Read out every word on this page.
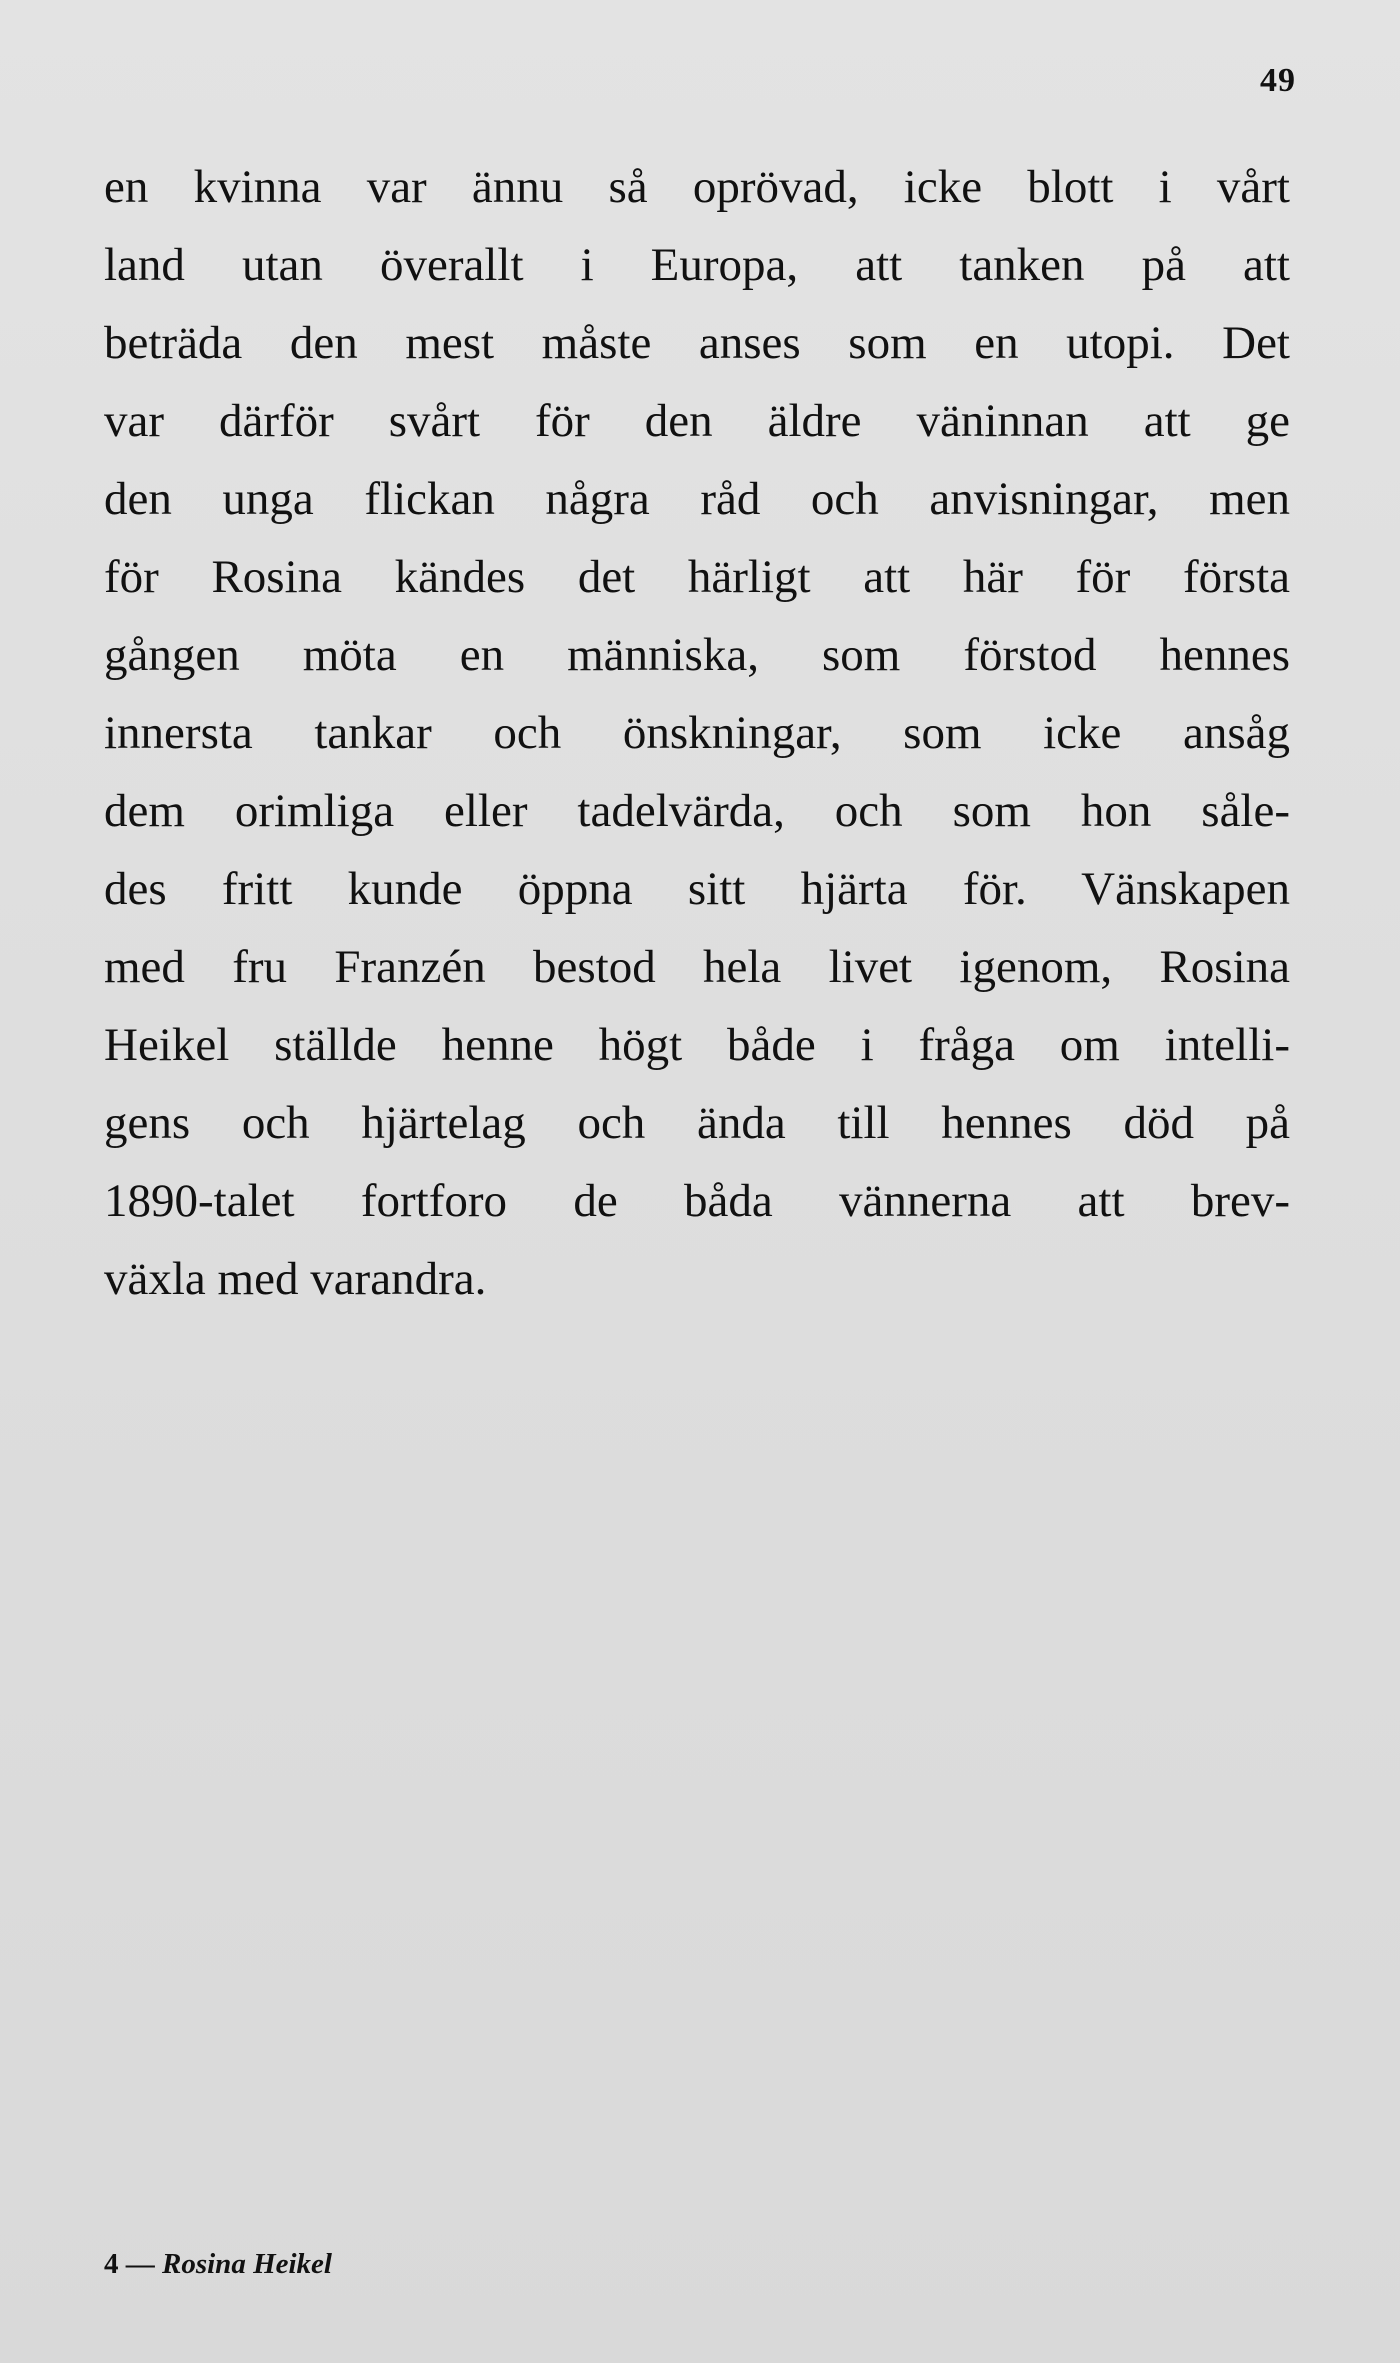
49
en kvinna var ännu så oprövad, icke blott i vårt
land utan överallt i Europa, att tanken på att
beträda den mest måste anses som en utopi. Det
var därför svårt för den äldre väninnan att ge
den unga flickan några råd och anvisningar, men
för Rosina kändes det härligt att här för första
gången möta en människa, som förstod hennes
innersta tankar och önskningar, som icke ansåg
dem orimliga eller tadelvärda, och som hon såle-
des fritt kunde öppna sitt hjärta för. Vänskapen
med fru Franzén bestod hela livet igenom, Rosina
Heikel ställde henne högt både i fråga om intelli-
gens och hjärtelag och ända till hennes död på
1890-talet fortforo de båda vännerna att brev-
växla med varandra.
4 — Rosina Heikel
